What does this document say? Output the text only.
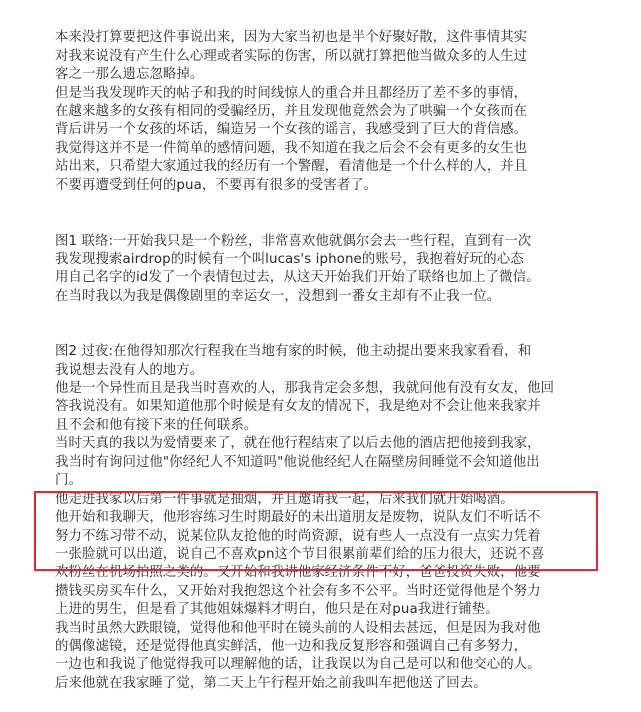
本来没打算要把这件事说出来，因为大家当初也是半个好聚好散，这件事情其实
对我来说没有产生什么心理或者实际的伤害，所以就打算把他当做众多的人生过
客之一那么遗忘忽略掉。
但是当我发现昨天的帖子和我的时间线惊人的重合并且都经历了差不多的事情，
在越来越多的女孩有相同的受骗经历，并且发现他竟然会为了哄骗一个女孩而在
背后讲另一个女孩的坏话，编造另一个女孩的谣言，我感受到了巨大的背信感。
我觉得这并不是一件简单的感情问题，我不知道在我之后会不会有更多的女生也
站出来，只希望大家通过我的经历有一个警醒，看清他是一个什么样的人，并且
不要再遭受到任何的pua，不要再有很多的受害者了。
图1 联络:一开始我只是一个粉丝，非常喜欢他就偶尔会去一些行程，直到有一次
我发现搜索airdrop的时候有一个叫lucas's iphone的账号，我抱着好玩的心态
用自己名字的id发了一个表情包过去，从这天开始我们开始了联络也加上了微信。
在当时我以为我是偶像剧里的幸运女一，没想到一番女主却有不止我一位。
图2 过夜:在他得知那次行程我在当地有家的时候，他主动提出要来我家看看，和
我说想去没有人的地方。
他是一个异性而且是我当时喜欢的人，那我肯定会多想，我就问他有没有女友，他回
答我说没有。如果知道他那个时候是有女友的情况下，我是绝对不会让他来我家并
且不会和他有接下来的任何联系。
当时天真的我以为爱情要来了，就在他行程结束了以后去他的酒店把他接到我家，
我当时有询问过他"你经纪人不知道吗"他说他经纪人在隔壁房间睡觉不会知道他出
门。
他走进我家以后第一件事就是抽烟，并且邀请我一起，后来我们就开始喝酒。
他开始和我聊天，他形容练习生时期最好的未出道朋友是废物，说队友们不听话不
努力不练习带不动，说某位队友抢他的时尚资源，说有些人一点没有一点实力凭着
一张脸就可以出道，说自己不喜欢pn这个节目很累前辈们给的压力很大，还说不喜
欢粉丝在机场拍照之类的。又开始和我讲他家经济条件不好，爸爸投资失败，他要
攒钱买房买车什么，又开始对我抱怨这个社会有多不公平。当时还觉得他是个努力
上进的男生，但是看了其他姐妹爆料才明白，他只是在对pua我进行铺垫。
我当时虽然大跌眼镜，觉得他和他平时在镜头前的人设相去甚远，但是因为我对他
的偶像滤镜，还是觉得他真实鲜活，他一边和我反复形容和强调自己有多努力，
一边也和我说了他觉得我可以理解他的话，让我误以为自己是可以和他交心的人。
后来他就在我家睡了觉，第二天上午行程开始之前我叫车把他送了回去。
